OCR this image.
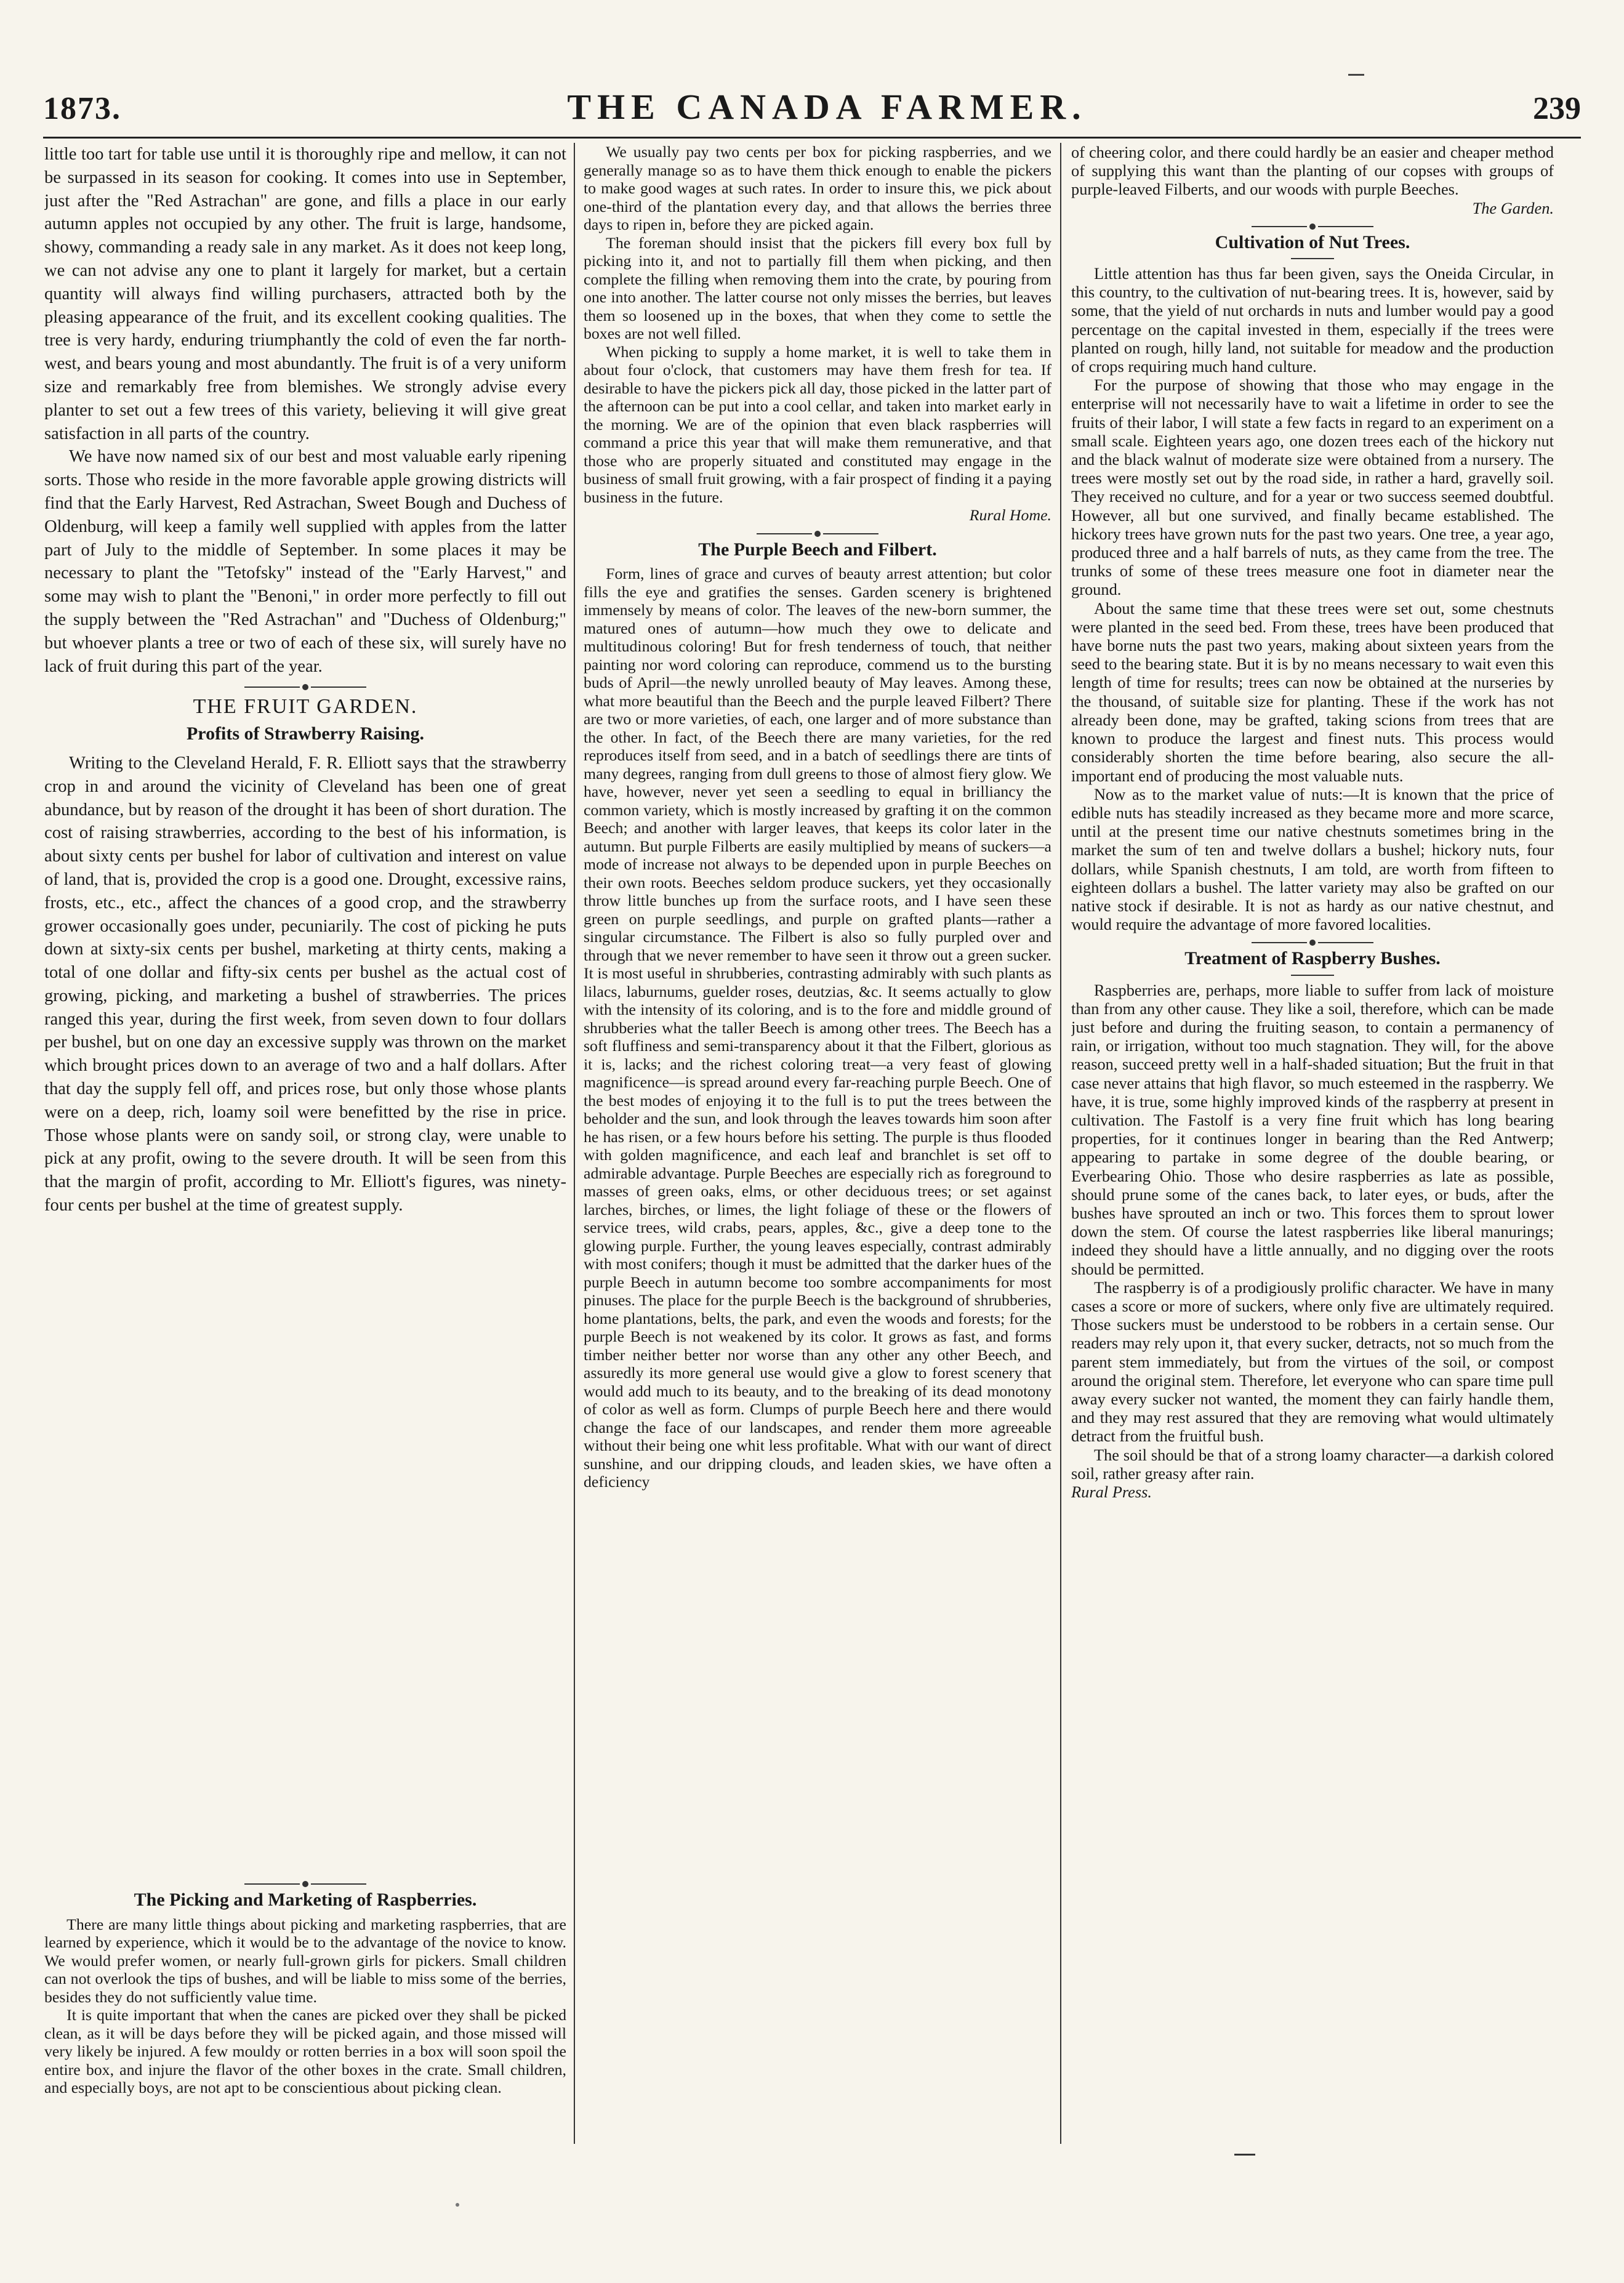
1873.	THE CANADA FARMER.	239

little too tart for table use until it is thoroughly ripe and mellow, it can not be surpassed in its season for cooking. It comes into use in September, just after the "Red Astrachan" are gone, and fills a place in our early autumn apples not occupied by any other. The fruit is large, handsome, showy, commanding a ready sale in any market. As it does not keep long, we can not advise any one to plant it largely for market, but a certain quantity will always find willing purchasers, attracted both by the pleasing appearance of the fruit, and its excellent cooking qualities. The tree is very hardy, enduring triumphantly the cold of even the far north-west, and bears young and most abundantly. The fruit is of a very uniform size and remarkably free from blemishes. We strongly advise every planter to set out a few trees of this variety, believing it will give great satisfaction in all parts of the country.

We have now named six of our best and most valuable early ripening sorts. Those who reside in the more favorable apple growing districts will find that the Early Harvest, Red Astrachan, Sweet Bough and Duchess of Oldenburg, will keep a family well supplied with apples from the latter part of July to the middle of September. In some places it may be necessary to plant the "Tetofsky" instead of the "Early Harvest," and some may wish to plant the "Benoni," in order more perfectly to fill out the supply between the "Red Astrachan" and "Duchess of Oldenburg;" but whoever plants a tree or two of each of these six, will surely have no lack of fruit during this part of the year.

THE FRUIT GARDEN.
Profits of Strawberry Raising.

Writing to the Cleveland Herald, F. R. Elliott says that the strawberry crop in and around the vicinity of Cleveland has been one of great abundance, but by reason of the drought it has been of short duration. The cost of raising strawberries, according to the best of his information, is about sixty cents per bushel for labor of cultivation and interest on value of land, that is, provided the crop is a good one. Drought, excessive rains, frosts, etc., etc., affect the chances of a good crop, and the strawberry grower occasionally goes under, pecuniarily. The cost of picking he puts down at sixty-six cents per bushel, marketing at thirty cents, making a total of one dollar and fifty-six cents per bushel as the actual cost of growing, picking, and marketing a bushel of strawberries. The prices ranged this year, during the first week, from seven down to four dollars per bushel, but on one day an excessive supply was thrown on the market which brought prices down to an average of two and a half dollars. After that day the supply fell off, and prices rose, but only those whose plants were on a deep, rich, loamy soil were benefitted by the rise in price. Those whose plants were on sandy soil, or strong clay, were unable to pick at any profit, owing to the severe drouth. It will be seen from this that the margin of profit, according to Mr. Elliott's figures, was ninety-four cents per bushel at the time of greatest supply.

The Picking and Marketing of Raspberries.

There are many little things about picking and marketing raspberries, that are learned by experience, which it would be to the advantage of the novice to know. We would prefer women, or nearly full-grown girls for pickers. Small children can not overlook the tips of bushes, and will be liable to miss some of the berries, besides they do not sufficiently value time.

It is quite important that when the canes are picked over they shall be picked clean, as it will be days before they will be picked again, and those missed will very likely be injured. A few mouldy or rotten berries in a box will soon spoil the entire box, and injure the flavor of the other boxes in the crate. Small children, and especially boys, are not apt to be conscientious about picking clean.

We usually pay two cents per box for picking raspberries, and we generally manage so as to have them thick enough to enable the pickers to make good wages at such rates. In order to insure this, we pick about one-third of the plantation every day, and that allows the berries three days to ripen in, before they are picked again.

The foreman should insist that the pickers fill every box full by picking into it, and not to partially fill them when picking, and then complete the filling when removing them into the crate, by pouring from one into another. The latter course not only misses the berries, but leaves them so loosened up in the boxes, that when they come to settle the boxes are not well filled.

When picking to supply a home market, it is well to take them in about four o'clock, that customers may have them fresh for tea. If desirable to have the pickers pick all day, those picked in the latter part of the afternoon can be put into a cool cellar, and taken into market early in the morning. We are of the opinion that even black raspberries will command a price this year that will make them remunerative, and that those who are properly situated and constituted may engage in the business of small fruit growing, with a fair prospect of finding it a paying business in the future.

Rural Home.

The Purple Beech and Filbert.

Form, lines of grace and curves of beauty arrest attention; but color fills the eye and gratifies the senses. Garden scenery is brightened immensely by means of color. The leaves of the new-born summer, the matured ones of autumn—how much they owe to delicate and multitudinous coloring! But for fresh tenderness of touch, that neither painting nor word coloring can reproduce, commend us to the bursting buds of April—the newly unrolled beauty of May leaves. Among these, what more beautiful than the Beech and the purple leaved Filbert? There are two or more varieties, of each, one larger and of more substance than the other. In fact, of the Beech there are many varieties, for the red reproduces itself from seed, and in a batch of seedlings there are tints of many degrees, ranging from dull greens to those of almost fiery glow. We have, however, never yet seen a seedling to equal in brilliancy the common variety, which is mostly increased by grafting it on the common Beech; and another with larger leaves, that keeps its color later in the autumn. But purple Filberts are easily multiplied by means of suckers—a mode of increase not always to be depended upon in purple Beeches on their own roots. Beeches seldom produce suckers, yet they occasionally throw little bunches up from the surface roots, and I have seen these green on purple seedlings, and purple on grafted plants—rather a singular circumstance. The Filbert is also so fully purpled over and through that we never remember to have seen it throw out a green sucker. It is most useful in shrubberies, contrasting admirably with such plants as lilacs, laburnums, guelder roses, deutzias, &c. It seems actually to glow with the intensity of its coloring, and is to the fore and middle ground of shrubberies what the taller Beech is among other trees. The Beech has a soft fluffiness and semi-transparency about it that the Filbert, glorious as it is, lacks; and the richest coloring treat—a very feast of glowing magnificence—is spread around every far-reaching purple Beech. One of the best modes of enjoying it to the full is to put the trees between the beholder and the sun, and look through the leaves towards him soon after he has risen, or a few hours before his setting. The purple is thus flooded with golden magnificence, and each leaf and branchlet is set off to admirable advantage. Purple Beeches are especially rich as foreground to masses of green oaks, elms, or other deciduous trees; or set against larches, birches, or limes, the light foliage of these or the flowers of service trees, wild crabs, pears, apples, &c., give a deep tone to the glowing purple. Further, the young leaves especially, contrast admirably with most conifers; though it must be admitted that the darker hues of the purple Beech in autumn become too sombre accompaniments for most pinuses. The place for the purple Beech is the background of shrubberies, home plantations, belts, the park, and even the woods and forests; for the purple Beech is not weakened by its color. It grows as fast, and forms timber neither better nor worse than any other any other Beech, and assuredly its more general use would give a glow to forest scenery that would add much to its beauty, and to the breaking of its dead monotony of color as well as form. Clumps of purple Beech here and there would change the face of our landscapes, and render them more agreeable without their being one whit less profitable. What with our want of direct sunshine, and our dripping clouds, and leaden skies, we have often a deficiency

of cheering color, and there could hardly be an easier and cheaper method of supplying this want than the planting of our copses with groups of purple-leaved Filberts, and our woods with purple Beeches.

The Garden.

Cultivation of Nut Trees.

Little attention has thus far been given, says the Oneida Circular, in this country, to the cultivation of nut-bearing trees. It is, however, said by some, that the yield of nut orchards in nuts and lumber would pay a good percentage on the capital invested in them, especially if the trees were planted on rough, hilly land, not suitable for meadow and the production of crops requiring much hand culture.

For the purpose of showing that those who may engage in the enterprise will not necessarily have to wait a lifetime in order to see the fruits of their labor, I will state a few facts in regard to an experiment on a small scale. Eighteen years ago, one dozen trees each of the hickory nut and the black walnut of moderate size were obtained from a nursery. The trees were mostly set out by the road side, in rather a hard, gravelly soil. They received no culture, and for a year or two success seemed doubtful. However, all but one survived, and finally became established. The hickory trees have grown nuts for the past two years. One tree, a year ago, produced three and a half barrels of nuts, as they came from the tree. The trunks of some of these trees measure one foot in diameter near the ground.

About the same time that these trees were set out, some chestnuts were planted in the seed bed. From these, trees have been produced that have borne nuts the past two years, making about sixteen years from the seed to the bearing state. But it is by no means necessary to wait even this length of time for results; trees can now be obtained at the nurseries by the thousand, of suitable size for planting. These if the work has not already been done, may be grafted, taking scions from trees that are known to produce the largest and finest nuts. This process would considerably shorten the time before bearing, also secure the all-important end of producing the most valuable nuts.

Now as to the market value of nuts:—It is known that the price of edible nuts has steadily increased as they became more and more scarce, until at the present time our native chestnuts sometimes bring in the market the sum of ten and twelve dollars a bushel; hickory nuts, four dollars, while Spanish chestnuts, I am told, are worth from fifteen to eighteen dollars a bushel. The latter variety may also be grafted on our native stock if desirable. It is not as hardy as our native chestnut, and would require the advantage of more favored localities.

Treatment of Raspberry Bushes.

Raspberries are, perhaps, more liable to suffer from lack of moisture than from any other cause. They like a soil, therefore, which can be made just before and during the fruiting season, to contain a permanency of rain, or irrigation, without too much stagnation. They will, for the above reason, succeed pretty well in a half-shaded situation; But the fruit in that case never attains that high flavor, so much esteemed in the raspberry. We have, it is true, some highly improved kinds of the raspberry at present in cultivation. The Fastolf is a very fine fruit which has long bearing properties, for it continues longer in bearing than the Red Antwerp; appearing to partake in some degree of the double bearing, or Everbearing Ohio. Those who desire raspberries as late as possible, should prune some of the canes back, to later eyes, or buds, after the bushes have sprouted an inch or two. This forces them to sprout lower down the stem. Of course the latest raspberries like liberal manurings; indeed they should have a little annually, and no digging over the roots should be permitted.

The raspberry is of a prodigiously prolific character. We have in many cases a score or more of suckers, where only five are ultimately required. Those suckers must be understood to be robbers in a certain sense. Our readers may rely upon it, that every sucker, detracts, not so much from the parent stem immediately, but from the virtues of the soil, or compost around the original stem. Therefore, let everyone who can spare time pull away every sucker not wanted, the moment they can fairly handle them, and they may rest assured that they are removing what would ultimately detract from the fruitful bush.

The soil should be that of a strong loamy character—a darkish colored soil, rather greasy after rain.

Rural Press.
